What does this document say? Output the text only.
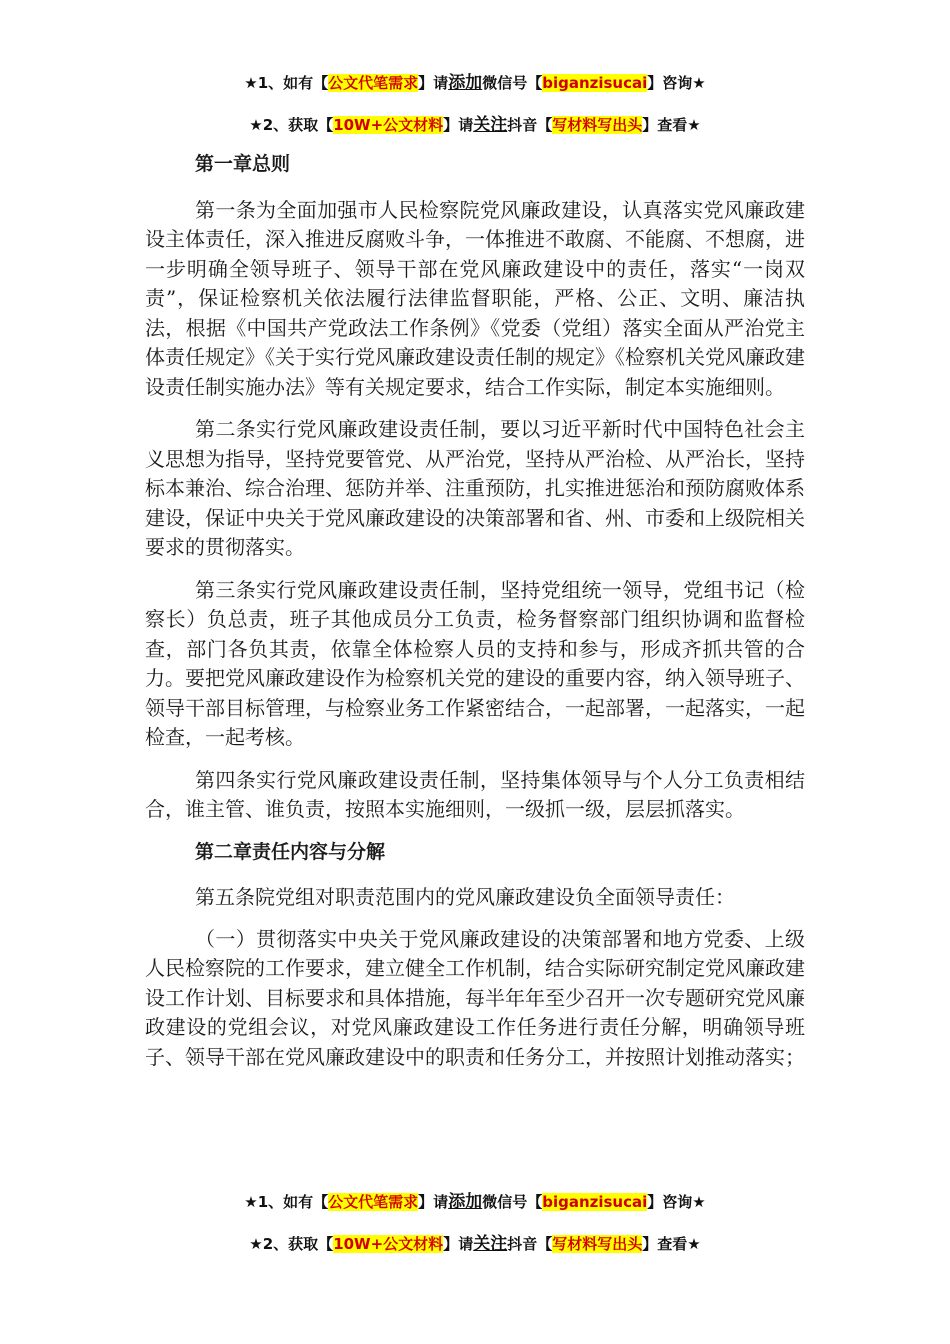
★1、如有【公文代笔需求】请添加微信号【biganzisucai】咨询★
★2、获取【10W+公文材料】请关注抖音【写材料写出头】查看★
第一章总则

第一条为全面加强市人民检察院党风廉政建设，认真落实党风廉政建设主体责任，深入推进反腐败斗争，一体推进不敢腐、不能腐、不想腐，进一步明确全领导班子、领导干部在党风廉政建设中的责任，落实“一岗双责”，保证检察机关依法履行法律监督职能，严格、公正、文明、廉洁执法，根据《中国共产党政法工作条例》《党委（党组）落实全面从严治党主体责任规定》《关于实行党风廉政建设责任制的规定》《检察机关党风廉政建设责任制实施办法》等有关规定要求，结合工作实际，制定本实施细则。

第二条实行党风廉政建设责任制，要以习近平新时代中国特色社会主义思想为指导，坚持党要管党、从严治党，坚持从严治检、从严治长，坚持标本兼治、综合治理、惩防并举、注重预防，扎实推进惩治和预防腐败体系建设，保证中央关于党风廉政建设的决策部署和省、州、市委和上级院相关要求的贯彻落实。

第三条实行党风廉政建设责任制，坚持党组统一领导，党组书记（检察长）负总责，班子其他成员分工负责，检务督察部门组织协调和监督检查，部门各负其责，依靠全体检察人员的支持和参与，形成齐抓共管的合力。要把党风廉政建设作为检察机关党的建设的重要内容，纳入领导班子、领导干部目标管理，与检察业务工作紧密结合，一起部署，一起落实，一起检查，一起考核。

第四条实行党风廉政建设责任制，坚持集体领导与个人分工负责相结合，谁主管、谁负责，按照本实施细则，一级抓一级，层层抓落实。

第二章责任内容与分解

第五条院党组对职责范围内的党风廉政建设负全面领导责任：

（一）贯彻落实中央关于党风廉政建设的决策部署和地方党委、上级人民检察院的工作要求，建立健全工作机制，结合实际研究制定党风廉政建设工作计划、目标要求和具体措施，每半年年至少召开一次专题研究党风廉政建设的党组会议，对党风廉政建设工作任务进行责任分解，明确领导班子、领导干部在党风廉政建设中的职责和任务分工，并按照计划推动落实；

★1、如有【公文代笔需求】请添加微信号【biganzisucai】咨询★
★2、获取【10W+公文材料】请关注抖音【写材料写出头】查看★
